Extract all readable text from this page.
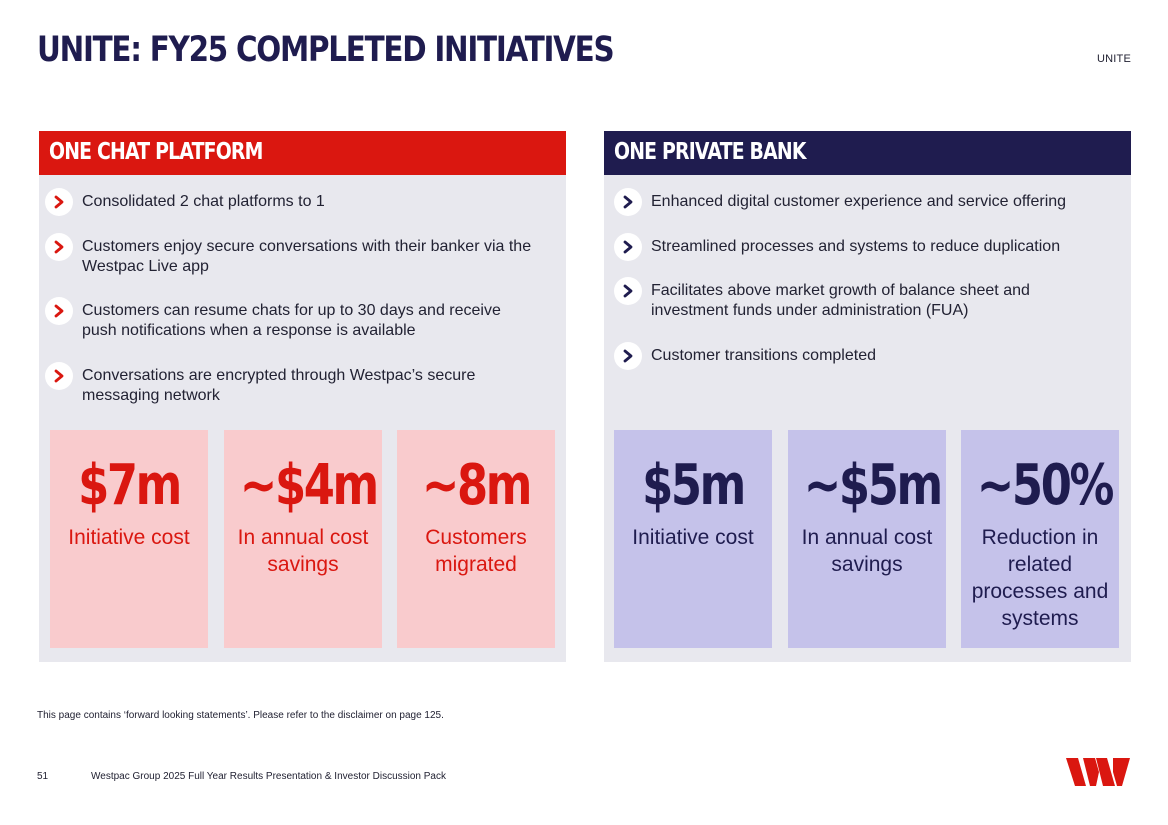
UNITE: FY25 COMPLETED INITIATIVES	UNITE
ONE CHAT PLATFORM
Consolidated 2 chat platforms to 1
Customers enjoy secure conversations with their banker via the Westpac Live app
Customers can resume chats for up to 30 days and receive push notifications when a response is available
Conversations are encrypted through Westpac’s secure messaging network
$7m
Initiative cost
~$4m
In annual cost savings
~8m
Customers migrated
ONE PRIVATE BANK
Enhanced digital customer experience and service offering
Streamlined processes and systems to reduce duplication
Facilitates above market growth of balance sheet and investment funds under administration (FUA)
Customer transitions completed
$5m
Initiative cost
~$5m
In annual cost savings
~50%
Reduction in related processes and systems
This page contains ‘forward looking statements’. Please refer to the disclaimer on page 125.
51	Westpac Group 2025 Full Year Results Presentation & Investor Discussion Pack
